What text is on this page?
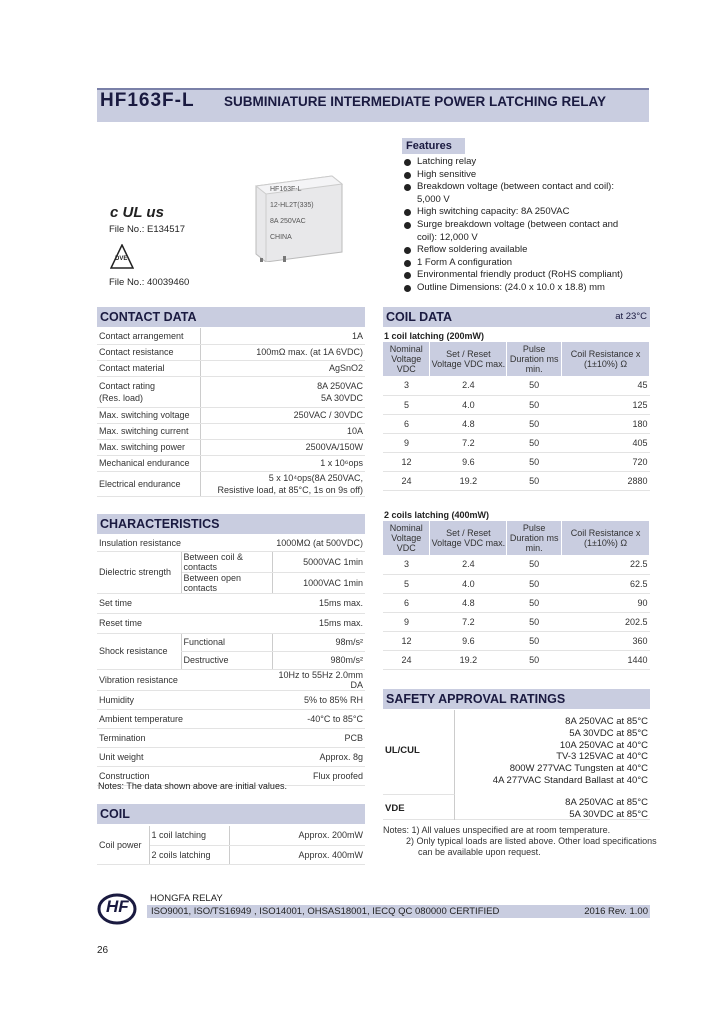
HF163F-L SUBMINIATURE INTERMEDIATE POWER LATCHING RELAY
HF163F-L
12-HL2T(335)
8A 250VAC
CHINA
c UL us
File No.: E134517
DVE
File No.: 40039460
Features
Latching relay
High sensitive
Breakdown voltage (between contact and coil): 5,000 V
High switching capacity: 8A 250VAC
Surge breakdown voltage (between contact and coil): 12,000 V
Reflow soldering available
1 Form A configuration
Environmental friendly product (RoHS compliant)
Outline Dimensions: (24.0 x 10.0 x 18.8) mm
CONTACT DATA
Contact arrangement	1A
Contact resistance	100mΩ max. (at 1A 6VDC)
Contact material	AgSnO2
Contact rating
(Res. load)	8A 250VAC
5A 30VDC
Max. switching voltage	250VAC / 30VDC
Max. switching current	10A
Max. switching power	2500VA/150W
Mechanical endurance	1 x 10⁶ops
Electrical endurance	5 x 10⁴ops(8A 250VAC,
Resistive load, at 85°C, 1s on 9s off)
CHARACTERISTICS
Insulation resistance		1000MΩ (at 500VDC)
Dielectric strength	Between coil & contacts	5000VAC 1min
	Between open contacts	1000VAC 1min
Set time		15ms max.
Reset time		15ms max.
Shock resistance	Functional	98m/s²
	Destructive	980m/s²
Vibration resistance		10Hz to 55Hz 2.0mm DA
Humidity		5% to 85% RH
Ambient temperature		-40°C to 85°C
Termination		PCB
Unit weight		Approx. 8g
Construction		Flux proofed
Notes: The data shown above are initial values.
COIL
Coil power	1 coil latching	Approx. 200mW
	2 coils latching	Approx. 400mW
COIL DATA	at 23°C
1 coil latching (200mW)
Nominal Voltage VDC	Set / Reset Voltage VDC max.	Pulse Duration ms min.	Coil Resistance x (1±10%) Ω
3	2.4	50	45
5	4.0	50	125
6	4.8	50	180
9	7.2	50	405
12	9.6	50	720
24	19.2	50	2880
2 coils latching (400mW)
Nominal Voltage VDC	Set / Reset Voltage VDC max.	Pulse Duration ms min.	Coil Resistance x (1±10%) Ω
3	2.4	50	22.5
5	4.0	50	62.5
6	4.8	50	90
9	7.2	50	202.5
12	9.6	50	360
24	19.2	50	1440
SAFETY APPROVAL RATINGS
UL/CUL
8A 250VAC at 85°C
5A 30VDC at 85°C
10A 250VAC at 40°C
TV-3 125VAC at 40°C
800W 277VAC Tungsten at 40°C
4A 277VAC Standard Ballast at 40°C
VDE
8A 250VAC at 85°C
5A 30VDC at 85°C
Notes: 1) All values unspecified are at room temperature.
2) Only typical loads are listed above. Other load specifications
can be available upon request.
HF HONGFA RELAY
ISO9001, ISO/TS16949 , ISO14001, OHSAS18001, IECQ QC 080000 CERTIFIED	2016 Rev. 1.00
26
